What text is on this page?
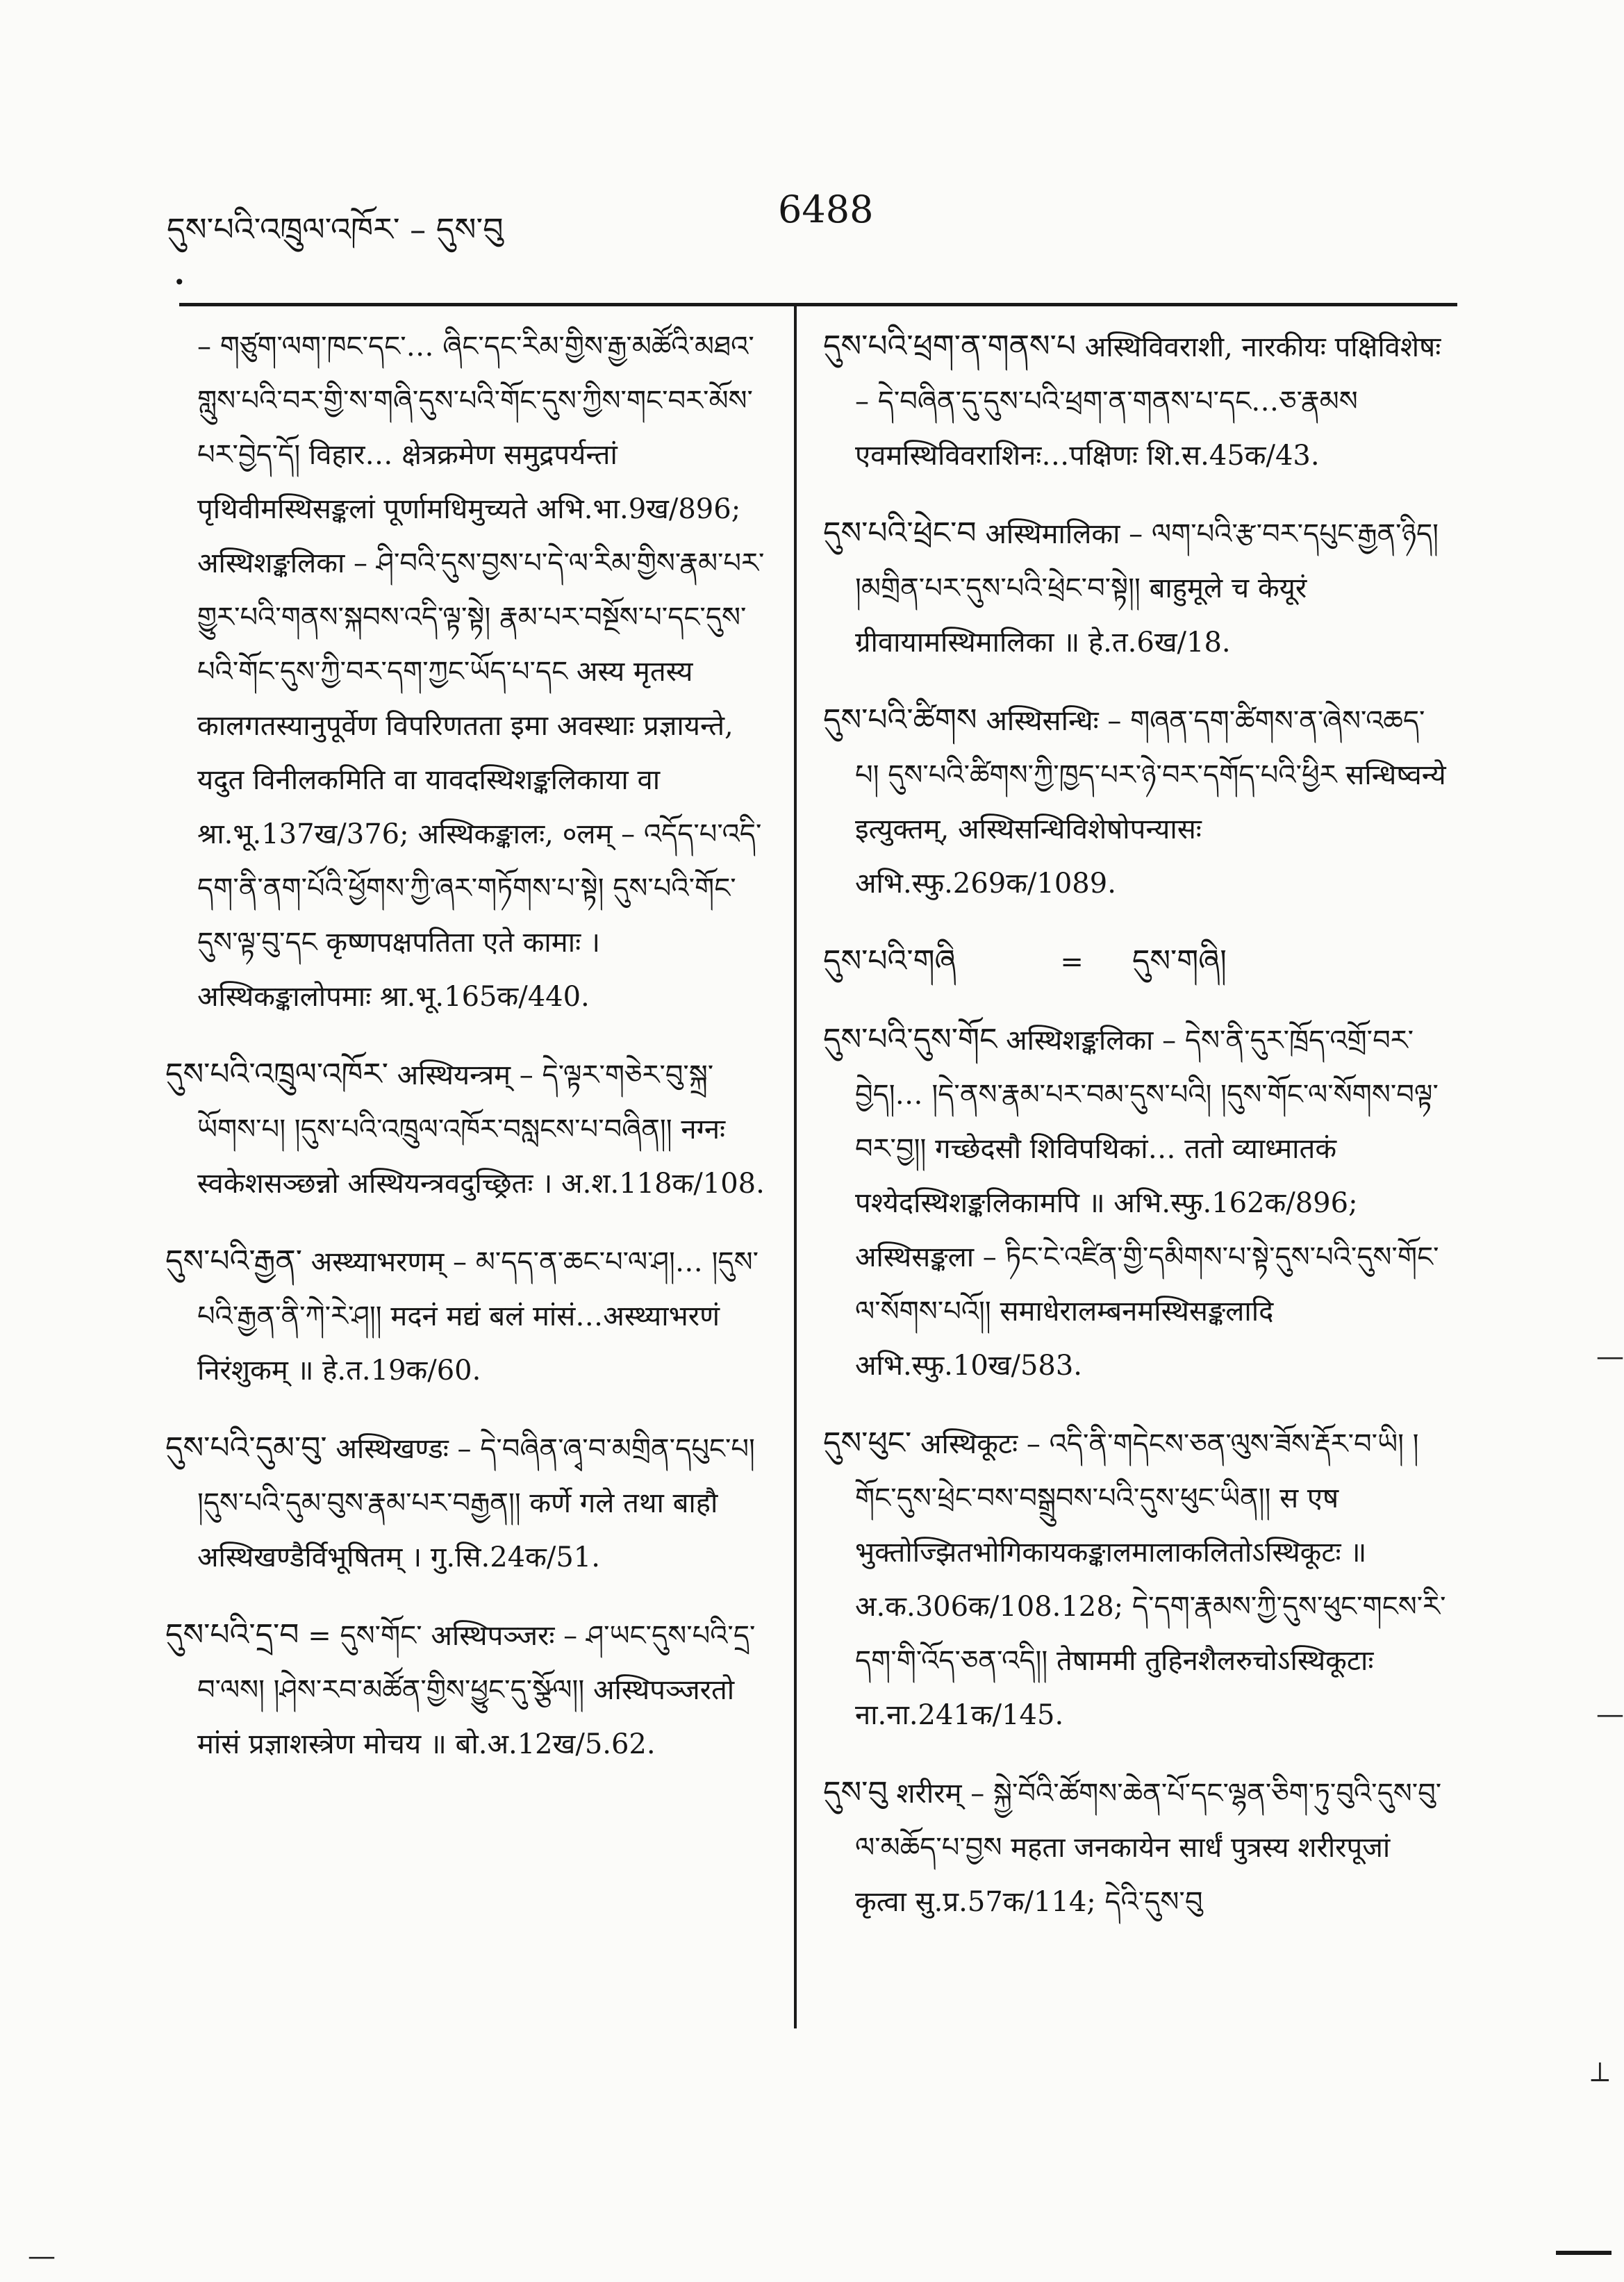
དུས་པའི་འཁྲུལ་འཁོར་ – དུས་བུ	6488
•

– གཙུག་ལག་ཁང་དང་… ཞིང་དང་རིམ་གྱིས་རྒྱ་མཚོའི་མཐའ་གླུས་པའི་བར་གྱི་ས་གཞི་དུས་པའི་གོང་དུས་ཀྱིས་གང་བར་མོས་པར་བྱེད་དོ། विहार… क्षेत्रक्रमेण समुद्रपर्यन्तां पृथिवीमस्थिसङ्कलां पूर्णामधिमुच्यते अभि.भा.9ख/896; अस्थिशङ्कलिका – ཤི་བའི་དུས་བྱས་པ་དེ་ལ་རིམ་གྱིས་རྣམ་པར་གྱུར་པའི་གནས་སྐབས་འདི་ལྟ་སྟེ། རྣམ་པར་བསྔོས་པ་དང་དུས་པའི་གོང་དུས་ཀྱི་བར་དག་ཀྱང་ཡོད་པ་དང अस्य मृतस्य कालगतस्यानुपूर्वेण विपरिणतता इमा अवस्थाः प्रज्ञायन्ते, यदुत विनीलकमिति वा यावदस्थिशङ्कलिकाया वा श्रा.भू.137ख/376; अस्थिकङ्कालः, ०लम् – འདོད་པ་འདི་དག་ནི་ནག་པོའི་ཕྱོགས་ཀྱི་ཞར་གཏོགས་པ་སྟེ། དུས་པའི་གོང་དུས་ལྟ་བུ་དང कृष्णपक्षपतिता एते कामाः । अस्थिकङ्कालोपमाः श्रा.भू.165क/440.

དུས་པའི་འཁྲུལ་འཁོར་ अस्थियन्त्रम् – དེ་ལྟར་གཅེར་བུ་སྐྲ་ཡོགས་པ། །དུས་པའི་འཁྲུལ་འཁོར་བསླངས་པ་བཞིན།། नग्नः स्वकेशसञ्छन्नो अस्थियन्त्रवदुच्छ्रितः । अ.श.118क/108.

དུས་པའི་རྒྱན་ अस्थ्याभरणम् – མ་དད་ན་ཆང་པ་ལ་ཤ།… །དུས་པའི་རྒྱན་ནི་ཀེ་རེ་ཤ།། मदनं मद्यं बलं मांसं…अस्थ्याभरणं निरंशुकम् ॥ हे.त.19क/60.

དུས་པའི་དུམ་བུ་ अस्थिखण्डः – དེ་བཞིན་ཞྭ་བ་མགྲིན་དཔུང་པ། །དུས་པའི་དུམ་བུས་རྣམ་པར་བརྒྱན།། कर्णे गले तथा बाहौ अस्थिखण्डैर्विभूषितम् । गु.सि.24क/51.

དུས་པའི་དྲ་བ = དུས་གོང་ अस्थिपञ्जरः – ཤ་ཡང་དུས་པའི་དྲ་བ་ལས། །ཤེས་རབ་མཚོན་གྱིས་ཕྱུང་དུ་སྩོལ།། अस्थिपञ्जरतो मांसं प्रज्ञाशस्त्रेण मोचय ॥ बो.अ.12ख/5.62.

དུས་པའི་ཕྲག་ན་གནས་པ अस्थिविवराशी, नारकीयः पक्षिविशेषः – དེ་བཞིན་དུ་དུས་པའི་ཕྲག་ན་གནས་པ་དང…ཅ་རྣམས एवमस्थिविवराशिनः…पक्षिणः शि.स.45क/43.

དུས་པའི་ཕྲེང་བ अस्थिमालिका – ལག་པའི་རྩ་བར་དཔུང་རྒྱན་ཉིད། །མགྲིན་པར་དུས་པའི་ཕྲེང་བ་སྟེ།། बाहुमूले च केयूरं ग्रीवायामस्थिमालिका ॥ हे.त.6ख/18.

དུས་པའི་ཚིགས अस्थिसन्धिः – གཞན་དག་ཚིགས་ན་ཞེས་འཆད་པ། དུས་པའི་ཚིགས་ཀྱི་ཁྱད་པར་ཉེ་བར་དགོད་པའི་ཕྱིར सन्धिष्वन्ये इत्युक्तम्, अस्थिसन्धिविशेषोपन्यासः अभि.स्फु.269क/1089.

དུས་པའི་གཞི	= དུས་གཞི།

དུས་པའི་དུས་གོང अस्थिशङ्कलिका – དེས་ནི་དུར་ཁྲོད་འགྲོ་བར་བྱེད།… །དེ་ནས་རྣམ་པར་བམ་དུས་པའི། །དུས་གོང་ལ་སོགས་བལྟ་བར་བྱ།། गच्छेदसौ शिविपथिकां… ततो व्याध्मातकं पश्येदस्थिशङ्कलिकामपि ॥ अभि.स्फु.162क/896; अस्थिसङ्कला – ཏིང་ངེ་འཛིན་གྱི་དམིགས་པ་སྟེ་དུས་པའི་དུས་གོང་ལ་སོགས་པའོ།། समाधेरालम्बनमस्थिसङ्कलादि अभि.स्फु.10ख/583.

དུས་ཕུང་ अस्थिकूटः – འདི་ནི་གདེངས་ཅན་ལུས་ཟོས་རྡོར་བ་ཡི། །གོང་དུས་ཕྲེང་བས་བསྒྲུབས་པའི་དུས་ཕུང་ཡིན།། स एष भुक्तोज्झितभोगिकायकङ्कालमालाकलितोऽस्थिकूटः ॥ अ.क.306क/108.128; དེ་དག་རྣམས་ཀྱི་དུས་ཕུང་གངས་རི་དག་གི་འོད་ཅན་འདི།། तेषाममी तुहिनशैलरुचोऽस्थिकूटाः ना.ना.241क/145.

དུས་བུ शरीरम् – སྐྱེ་བོའི་ཚོགས་ཆེན་པོ་དང་ལྷན་ཅིག་ཏུ་བུའི་དུས་བུ་ལ་མཆོད་པ་བྱས महता जनकायेन सार्धं पुत्रस्य शरीरपूजां कृत्वा सु.प्र.57क/114; དེའི་དུས་བུ

—
—
⟂
—
